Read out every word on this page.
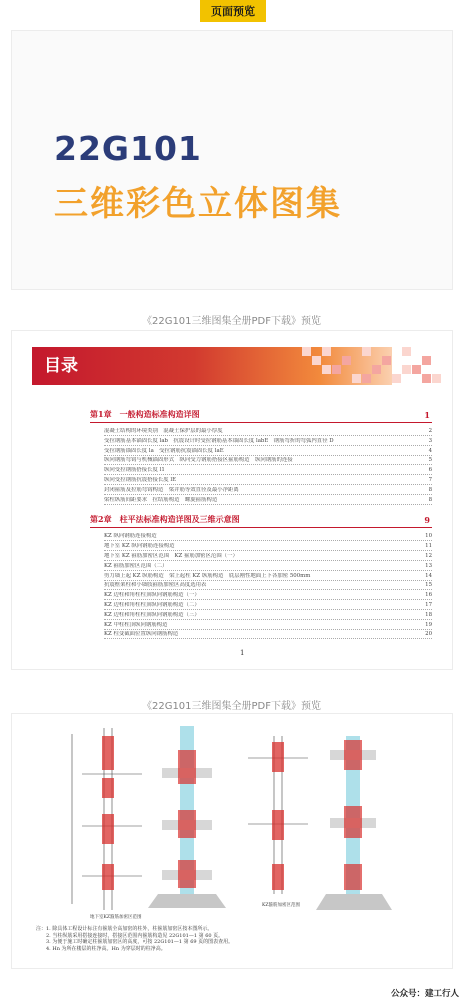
页面预览
22G101
三维彩色立体图集
《22G101三维图集全册PDF下载》预览
目录
第1章　一般构造标准构造详图	1
混凝土结构的环境类别　混凝土保护层的最小厚度	2
受拉钢筋基本锚固长度 lab　抗震设计时受拉钢筋基本锚固长度 labE　钢筋弯折的弯弧内直径 D	3
受拉钢筋锚固长度 la　受拉钢筋抗震锚固长度 laE	4
纵向钢筋弯钩与机械锚固形式　纵向受力钢筋搭接区箍筋构造　纵向钢筋的连接	5
纵向受拉钢筋搭接长度 l1	6
纵向受拉钢筋抗震搭接长度 lE	7
封闭箍筋及拉筋弯钩构造　梁并筋等效直径及最小净距离	8
梁柱纵筋间距要求　拉结筋构造　螺旋箍筋构造	8
第2章　柱平法标准构造详图及三维示意图	9
KZ 纵向钢筋连接构造	10
地下室 KZ 纵向钢筋连接构造	11
地下室 KZ 箍筋加密区范围　KZ 箍筋加密区范围（一）	12
KZ 箍筋加密区范围（二）	13
剪力墙上起 KZ 纵筋构造　梁上起柱 KZ 纵筋构造　底层刚性地面上下各加密 500mm	14
抗震框架柱和小墙肢箍筋加密区高度选用表	15
KZ 边柱和角柱柱顶纵向钢筋构造（一）	16
KZ 边柱和角柱柱顶纵向钢筋构造（二）	17
KZ 边柱和角柱柱顶纵向钢筋构造（三）	18
KZ 中柱柱顶纵向钢筋构造	19
KZ 柱变截面位置纵向钢筋构造	20
1
《22G101三维图集全册PDF下载》预览
地下室KZ箍筋加密区范围
KZ箍筋加密区范围
注：1. 除具体工程设计标注有箍筋全高加密的柱外，柱箍筋加密区按本图所示。
　　2. 当柱纵筋采用搭接连接时，搭接区范围内箍筋构造见 22G101—1 第 60 页。
　　3. 为便于施工时确定柱箍筋加密区的高度，可按 22G101—1 第 69 页的图表查用。
　　4. Hn 为所在楼层的柱净高。Hn 为穿层时的柱净高。
公众号：建工行人
